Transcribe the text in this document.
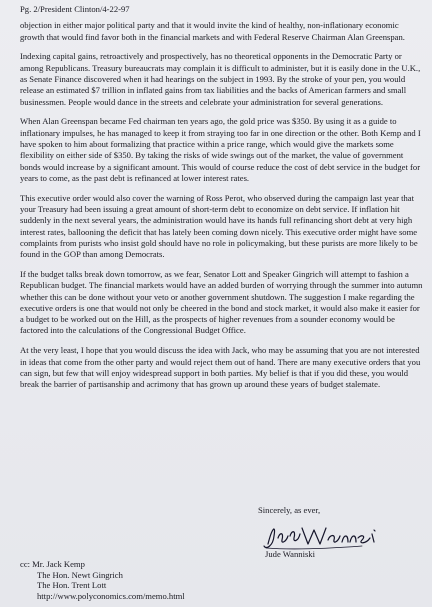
Pg. 2/President Clinton/4-22-97

objection in either major political party and that it would invite the kind of healthy, non-inflationary economic growth that would find favor both in the financial markets and with Federal Reserve Chairman Alan Greenspan.

Indexing capital gains, retroactively and prospectively, has no theoretical opponents in the Democratic Party or among Republicans. Treasury bureaucrats may complain it is difficult to administer, but it is easily done in the U.K., as Senate Finance discovered when it had hearings on the subject in 1993. By the stroke of your pen, you would release an estimated $7 trillion in inflated gains from tax liabilities and the backs of American farmers and small businessmen. People would dance in the streets and celebrate your administration for several generations.

When Alan Greenspan became Fed chairman ten years ago, the gold price was $350. By using it as a guide to inflationary impulses, he has managed to keep it from straying too far in one direction or the other. Both Kemp and I have spoken to him about formalizing that practice within a price range, which would give the markets some flexibility on either side of $350. By taking the risks of wide swings out of the market, the value of government bonds would increase by a significant amount. This would of course reduce the cost of debt service in the budget for years to come, as the past debt is refinanced at lower interest rates.

This executive order would also cover the warning of Ross Perot, who observed during the campaign last year that your Treasury had been issuing a great amount of short-term debt to economize on debt service. If inflation hit suddenly in the next several years, the administration would have its hands full refinancing short debt at very high interest rates, ballooning the deficit that has lately been coming down nicely. This executive order might have some complaints from purists who insist gold should have no role in policymaking, but these purists are more likely to be found in the GOP than among Democrats.

If the budget talks break down tomorrow, as we fear, Senator Lott and Speaker Gingrich will attempt to fashion a Republican budget. The financial markets would have an added burden of worrying through the summer into autumn whether this can be done without your veto or another government shutdown. The suggestion I make regarding the executive orders is one that would not only be cheered in the bond and stock market, it would also make it easier for a budget to be worked out on the Hill, as the prospects of higher revenues from a sounder economy would be factored into the calculations of the Congressional Budget Office.

At the very least, I hope that you would discuss the idea with Jack, who may be assuming that you are not interested in ideas that come from the other party and would reject them out of hand. There are many executive orders that you can sign, but few that will enjoy widespread support in both parties. My belief is that if you did these, you would break the barrier of partisanship and acrimony that has grown up around these years of budget stalemate.

Sincerely, as ever,

Jude Wanniski

cc: Mr. Jack Kemp

The Hon. Newt Gingrich

The Hon. Trent Lott

http://www.polyconomics.com/memo.html
